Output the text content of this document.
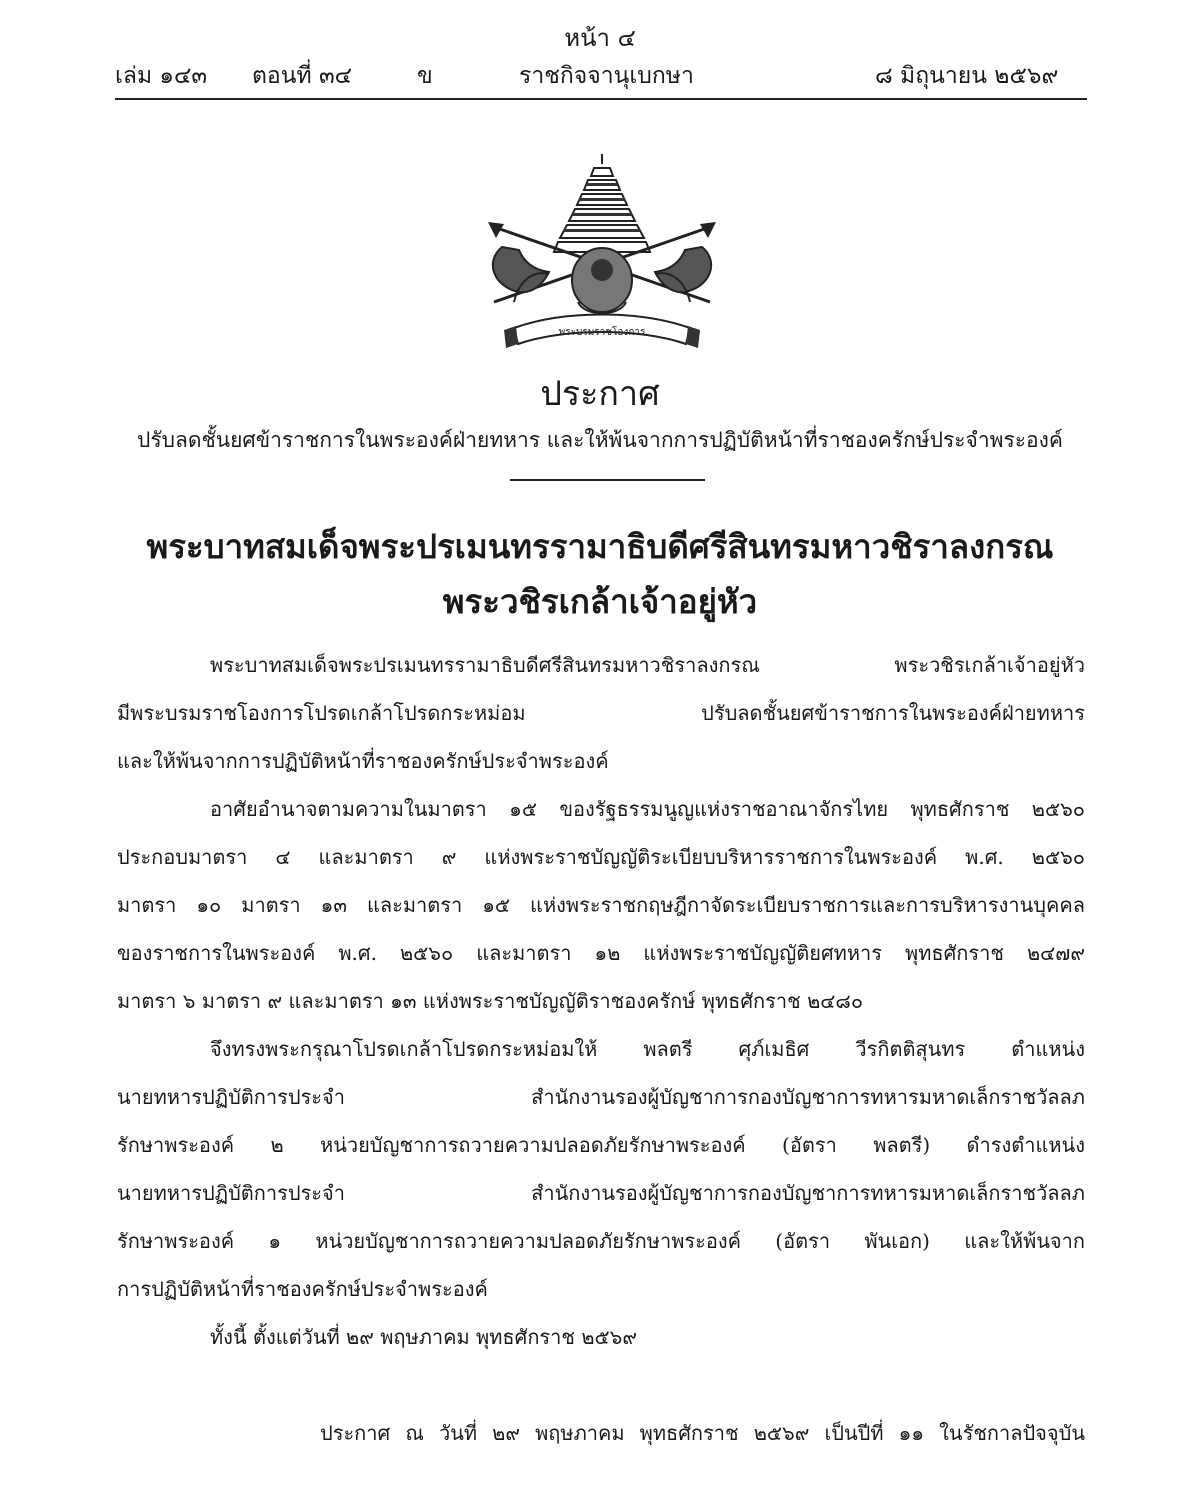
หน้า ๔
เล่ม ๑๔๓ ตอนที่ ๓๔	ข	ราชกิจจานุเบกษา	๘ มิถุนายน ๒๕๖๙
พระบรมราชโองการ
ประกาศ
ปรับลดชั้นยศข้าราชการในพระองค์ฝ่ายทหาร และให้พ้นจากการปฏิบัติหน้าที่ราชองครักษ์ประจำพระองค์
พระบาทสมเด็จพระปรเมนทรรามาธิบดีศรีสินทรมหาวชิราลงกรณ
พระวชิรเกล้าเจ้าอยู่หัว
พระบาทสมเด็จพระปรเมนทรรามาธิบดีศรีสินทรมหาวชิราลงกรณ พระวชิรเกล้าเจ้าอยู่หัว
มีพระบรมราชโองการโปรดเกล้าโปรดกระหม่อม ปรับลดชั้นยศข้าราชการในพระองค์ฝ่ายทหาร
และให้พ้นจากการปฏิบัติหน้าที่ราชองครักษ์ประจำพระองค์
อาศัยอำนาจตามความในมาตรา ๑๕ ของรัฐธรรมนูญแห่งราชอาณาจักรไทย พุทธศักราช ๒๕๖๐
ประกอบมาตรา ๔ และมาตรา ๙ แห่งพระราชบัญญัติระเบียบบริหารราชการในพระองค์ พ.ศ. ๒๕๖๐
มาตรา ๑๐ มาตรา ๑๓ และมาตรา ๑๕ แห่งพระราชกฤษฎีกาจัดระเบียบราชการและการบริหารงานบุคคล
ของราชการในพระองค์ พ.ศ. ๒๕๖๐ และมาตรา ๑๒ แห่งพระราชบัญญัติยศทหาร พุทธศักราช ๒๔๗๙
มาตรา ๖ มาตรา ๙ และมาตรา ๑๓ แห่งพระราชบัญญัติราชองครักษ์ พุทธศักราช ๒๔๘๐
จึงทรงพระกรุณาโปรดเกล้าโปรดกระหม่อมให้ พลตรี ศุภ์เมธิศ วีรกิตติสุนทร ตำแหน่ง
นายทหารปฏิบัติการประจำ สำนักงานรองผู้บัญชาการกองบัญชาการทหารมหาดเล็กราชวัลลภ
รักษาพระองค์ ๒ หน่วยบัญชาการถวายความปลอดภัยรักษาพระองค์ (อัตรา พลตรี) ดำรงตำแหน่ง
นายทหารปฏิบัติการประจำ สำนักงานรองผู้บัญชาการกองบัญชาการทหารมหาดเล็กราชวัลลภ
รักษาพระองค์ ๑ หน่วยบัญชาการถวายความปลอดภัยรักษาพระองค์ (อัตรา พันเอก) และให้พ้นจาก
การปฏิบัติหน้าที่ราชองครักษ์ประจำพระองค์
ทั้งนี้ ตั้งแต่วันที่ ๒๙ พฤษภาคม พุทธศักราช ๒๕๖๙
ประกาศ ณ วันที่ ๒๙ พฤษภาคม พุทธศักราช ๒๕๖๙ เป็นปีที่ ๑๑ ในรัชกาลปัจจุบัน
